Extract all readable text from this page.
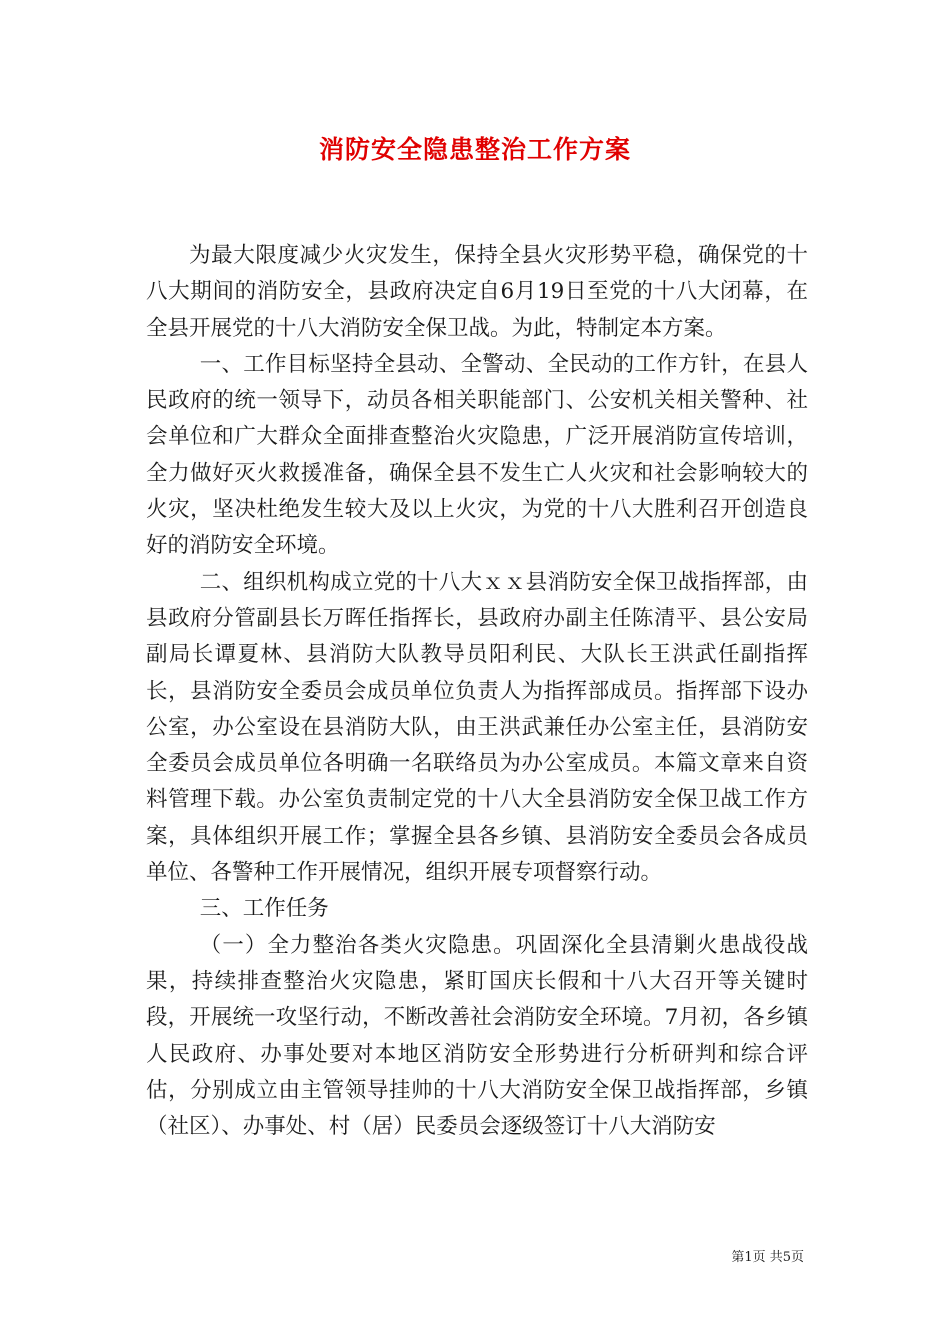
消防安全隐患整治工作方案

为最大限度减少火灾发生，保持全县火灾形势平稳，确保党的十八大期间的消防安全，县政府决定自6月19日至党的十八大闭幕，在全县开展党的十八大消防安全保卫战。为此，特制定本方案。

一、工作目标坚持全县动、全警动、全民动的工作方针，在县人民政府的统一领导下，动员各相关职能部门、公安机关相关警种、社会单位和广大群众全面排查整治火灾隐患，广泛开展消防宣传培训，全力做好灭火救援准备，确保全县不发生亡人火灾和社会影响较大的火灾，坚决杜绝发生较大及以上火灾，为党的十八大胜利召开创造良好的消防安全环境。

二、组织机构成立党的十八大ｘｘ县消防安全保卫战指挥部，由县政府分管副县长万晖任指挥长，县政府办副主任陈清平、县公安局副局长谭夏林、县消防大队教导员阳利民、大队长王洪武任副指挥长，县消防安全委员会成员单位负责人为指挥部成员。指挥部下设办公室，办公室设在县消防大队，由王洪武兼任办公室主任，县消防安全委员会成员单位各明确一名联络员为办公室成员。本篇文章来自资料管理下载。办公室负责制定党的十八大全县消防安全保卫战工作方案，具体组织开展工作；掌握全县各乡镇、县消防安全委员会各成员单位、各警种工作开展情况，组织开展专项督察行动。

三、工作任务

（一）全力整治各类火灾隐患。巩固深化全县清剿火患战役战果，持续排查整治火灾隐患，紧盯国庆长假和十八大召开等关键时段，开展统一攻坚行动，不断改善社会消防安全环境。7月初，各乡镇人民政府、办事处要对本地区消防安全形势进行分析研判和综合评估，分别成立由主管领导挂帅的十八大消防安全保卫战指挥部，乡镇（社区）、办事处、村（居）民委员会逐级签订十八大消防安

第1页 共5页
